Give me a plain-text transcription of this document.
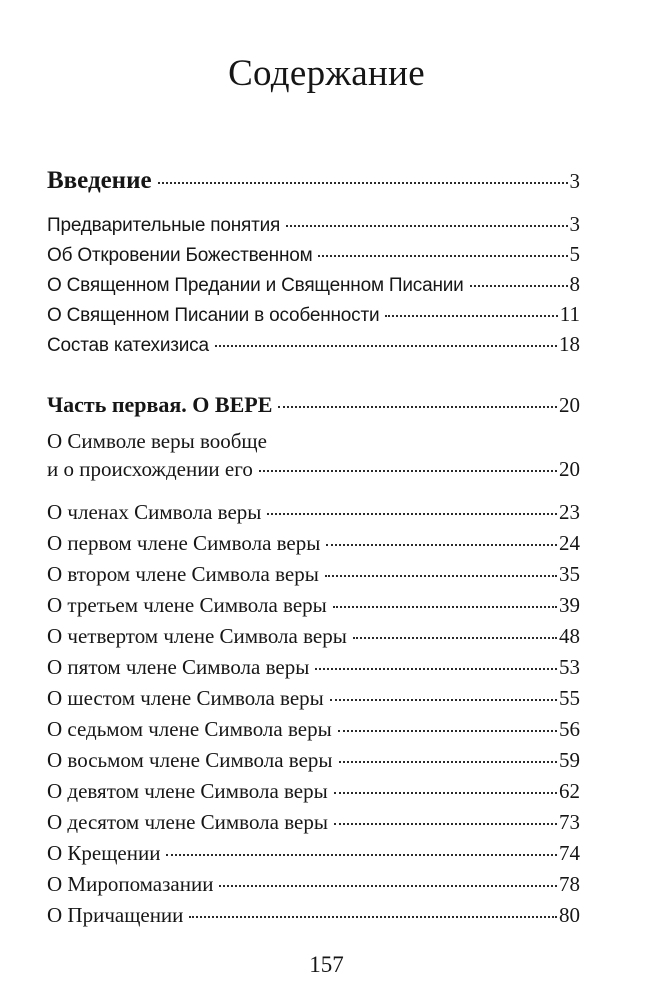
Содержание
Введение	3
Предварительные понятия	3
Об Откровении Божественном	5
О Священном Предании и Священном Писании	8
О Священном Писании в особенности	11
Состав катехизиса	18
Часть первая. О ВЕРЕ	20
О Символе веры вообще
и о происхождении его	20
О членах Символа веры	23
О первом члене Символа веры	24
О втором члене Символа веры	35
О третьем члене Символа веры	39
О четвертом члене Символа веры	48
О пятом члене Символа веры	53
О шестом члене Символа веры	55
О седьмом члене Символа веры	56
О восьмом члене Символа веры	59
О девятом члене Символа веры	62
О десятом члене Символа веры	73
О Крещении	74
О Миропомазании	78
О Причащении	80
157
